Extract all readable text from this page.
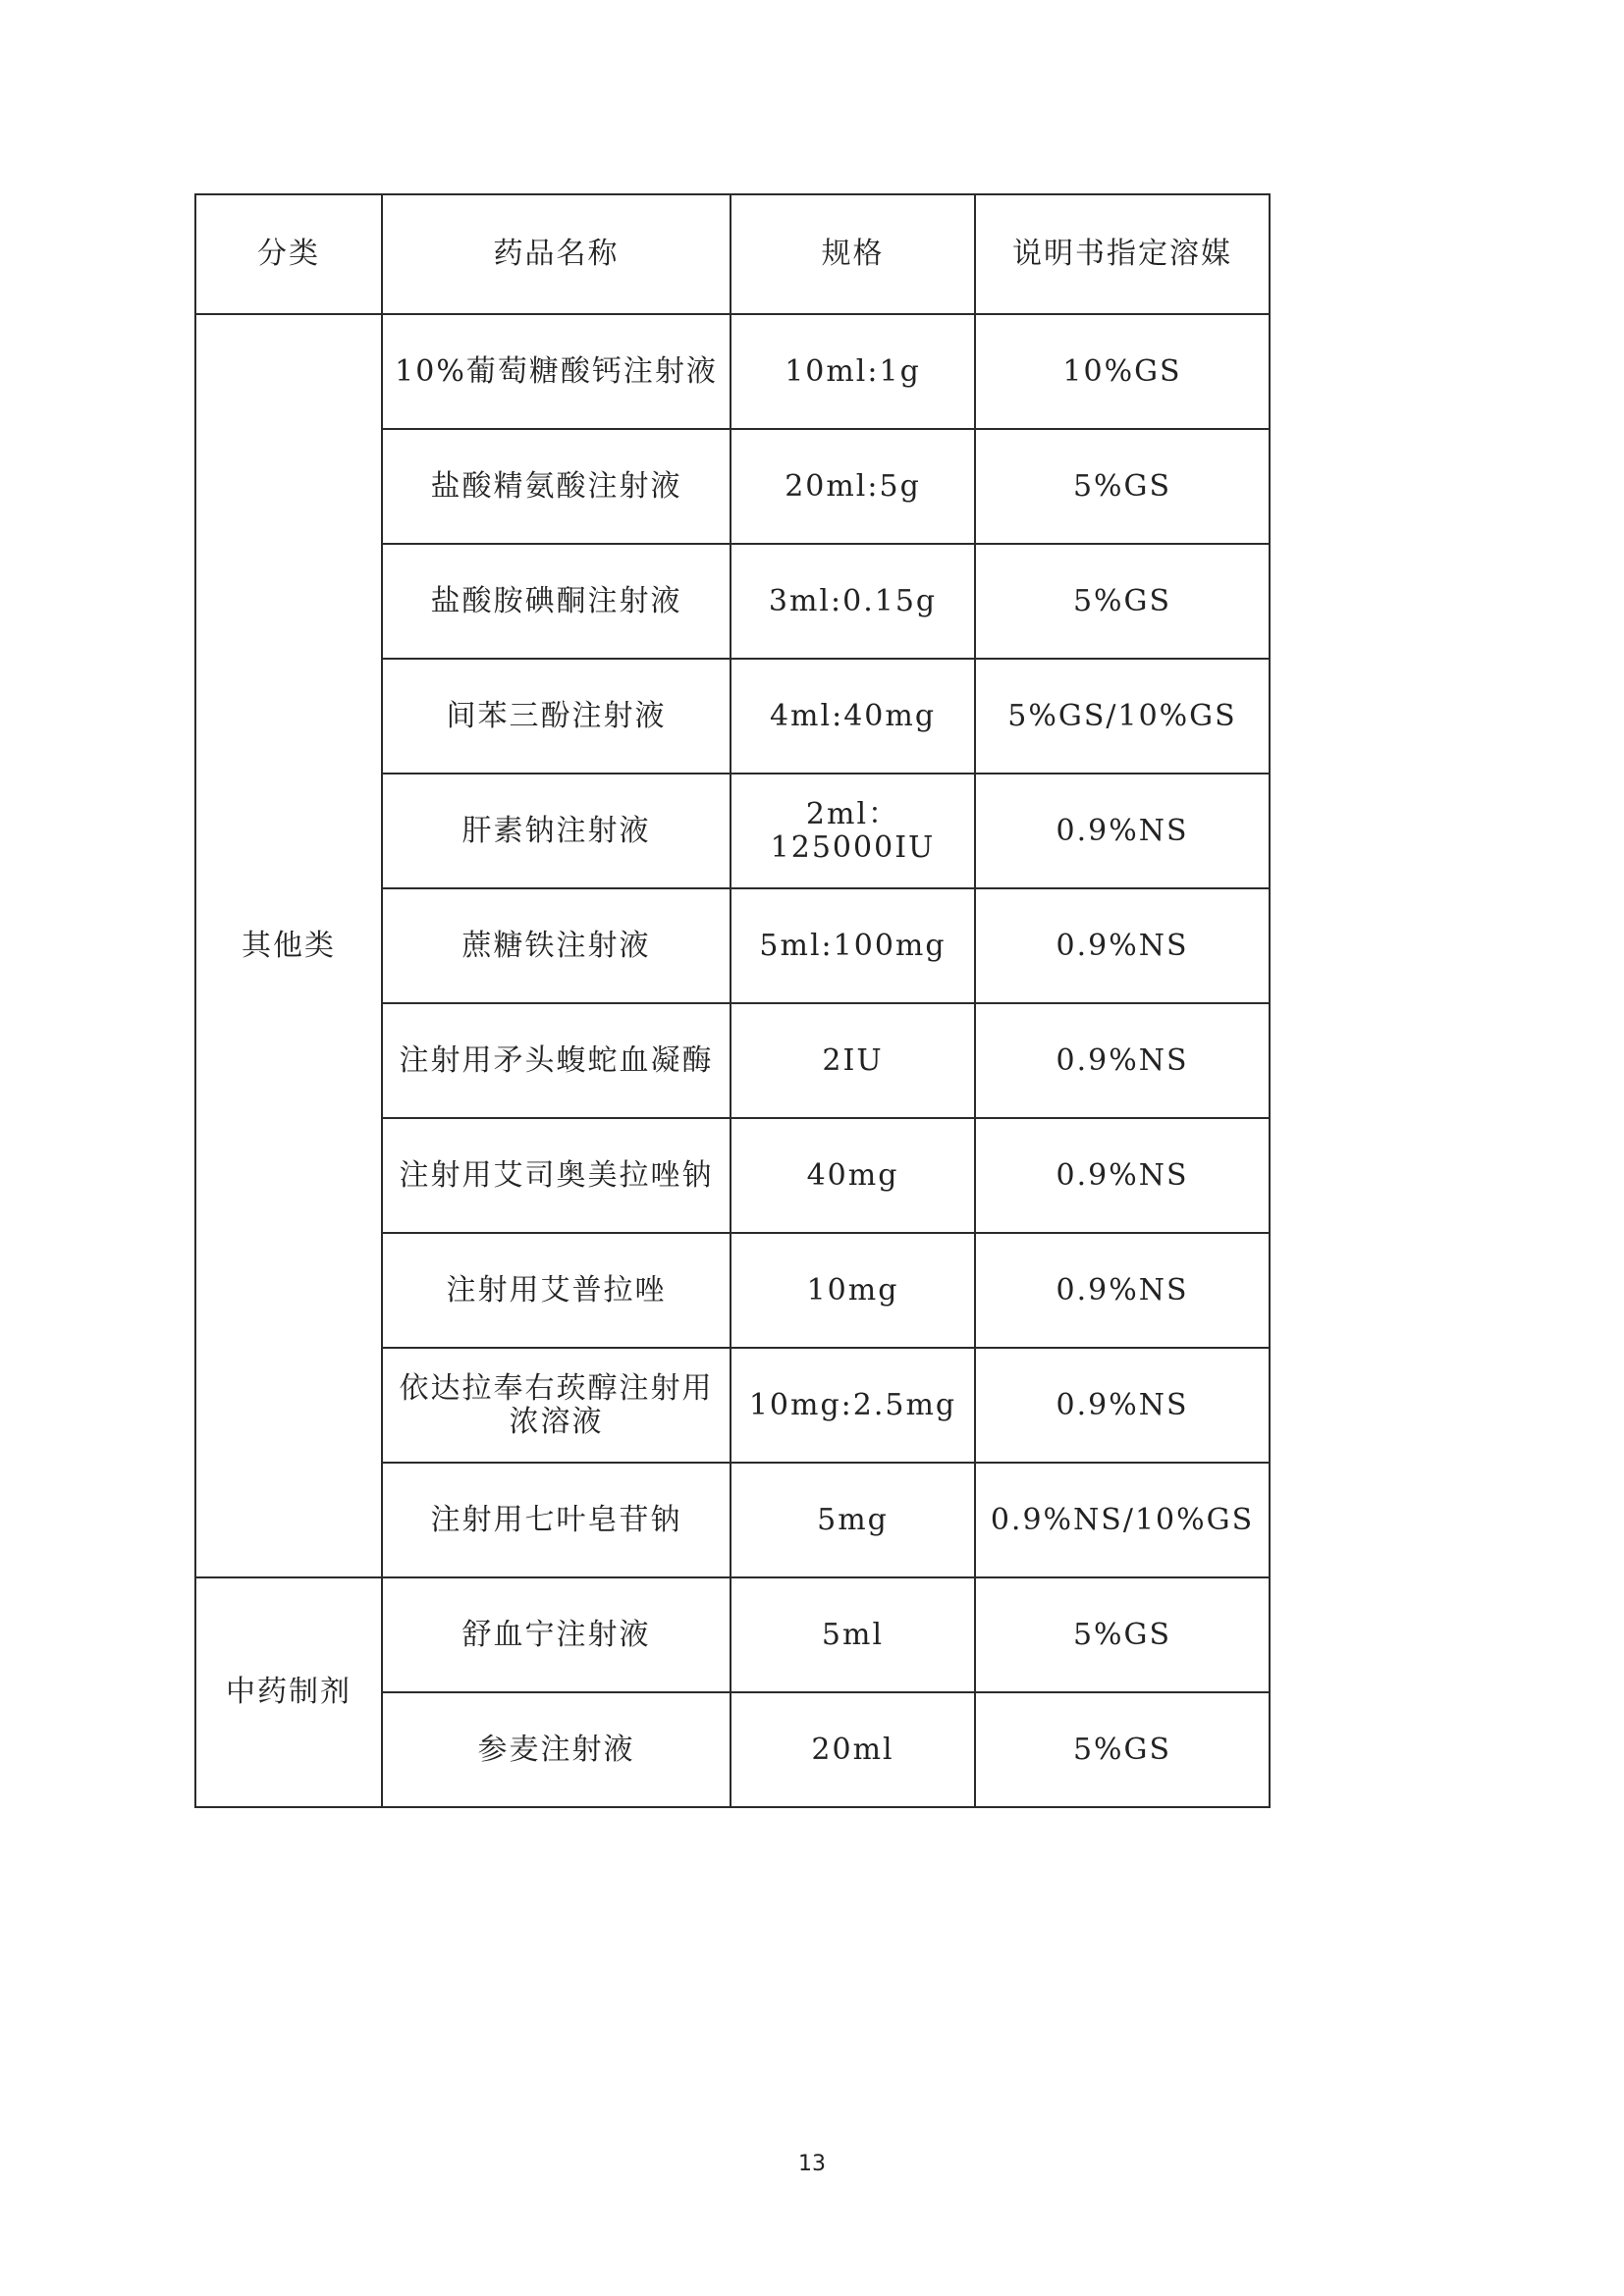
分类	药品名称	规格	说明书指定溶媒
其他类	10%葡萄糖酸钙注射液	10ml:1g	10%GS
	盐酸精氨酸注射液	20ml:5g	5%GS
	盐酸胺碘酮注射液	3ml:0.15g	5%GS
	间苯三酚注射液	4ml:40mg	5%GS/10%GS
	肝素钠注射液	2ml：125000IU	0.9%NS
	蔗糖铁注射液	5ml:100mg	0.9%NS
	注射用矛头蝮蛇血凝酶	2IU	0.9%NS
	注射用艾司奥美拉唑钠	40mg	0.9%NS
	注射用艾普拉唑	10mg	0.9%NS
	依达拉奉右莰醇注射用浓溶液	10mg:2.5mg	0.9%NS
	注射用七叶皂苷钠	5mg	0.9%NS/10%GS
中药制剂	舒血宁注射液	5ml	5%GS
	参麦注射液	20ml	5%GS
13
